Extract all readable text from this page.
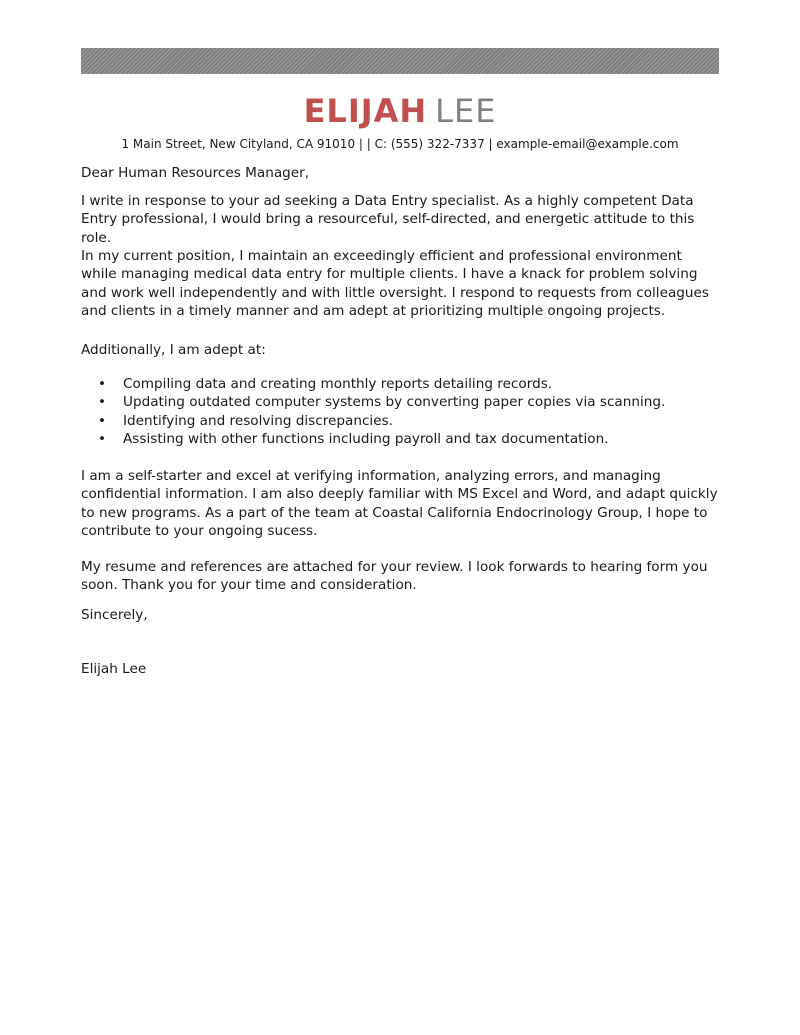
ELIJAH LEE
1 Main Street, New Cityland, CA 91010 | | C: (555) 322-7337 | example-email@example.com

Dear Human Resources Manager,

I write in response to your ad seeking a Data Entry specialist. As a highly competent Data Entry professional, I would bring a resourceful, self-directed, and energetic attitude to this role.

In my current position, I maintain an exceedingly efficient and professional environment while managing medical data entry for multiple clients. I have a knack for problem solving and work well independently and with little oversight. I respond to requests from colleagues and clients in a timely manner and am adept at prioritizing multiple ongoing projects.

Additionally, I am adept at:

• Compiling data and creating monthly reports detailing records.
• Updating outdated computer systems by converting paper copies via scanning.
• Identifying and resolving discrepancies.
• Assisting with other functions including payroll and tax documentation.

I am a self-starter and excel at verifying information, analyzing errors, and managing confidential information. I am also deeply familiar with MS Excel and Word, and adapt quickly to new programs. As a part of the team at Coastal California Endocrinology Group, I hope to contribute to your ongoing sucess.

My resume and references are attached for your review. I look forwards to hearing form you soon. Thank you for your time and consideration.

Sincerely,

Elijah Lee
